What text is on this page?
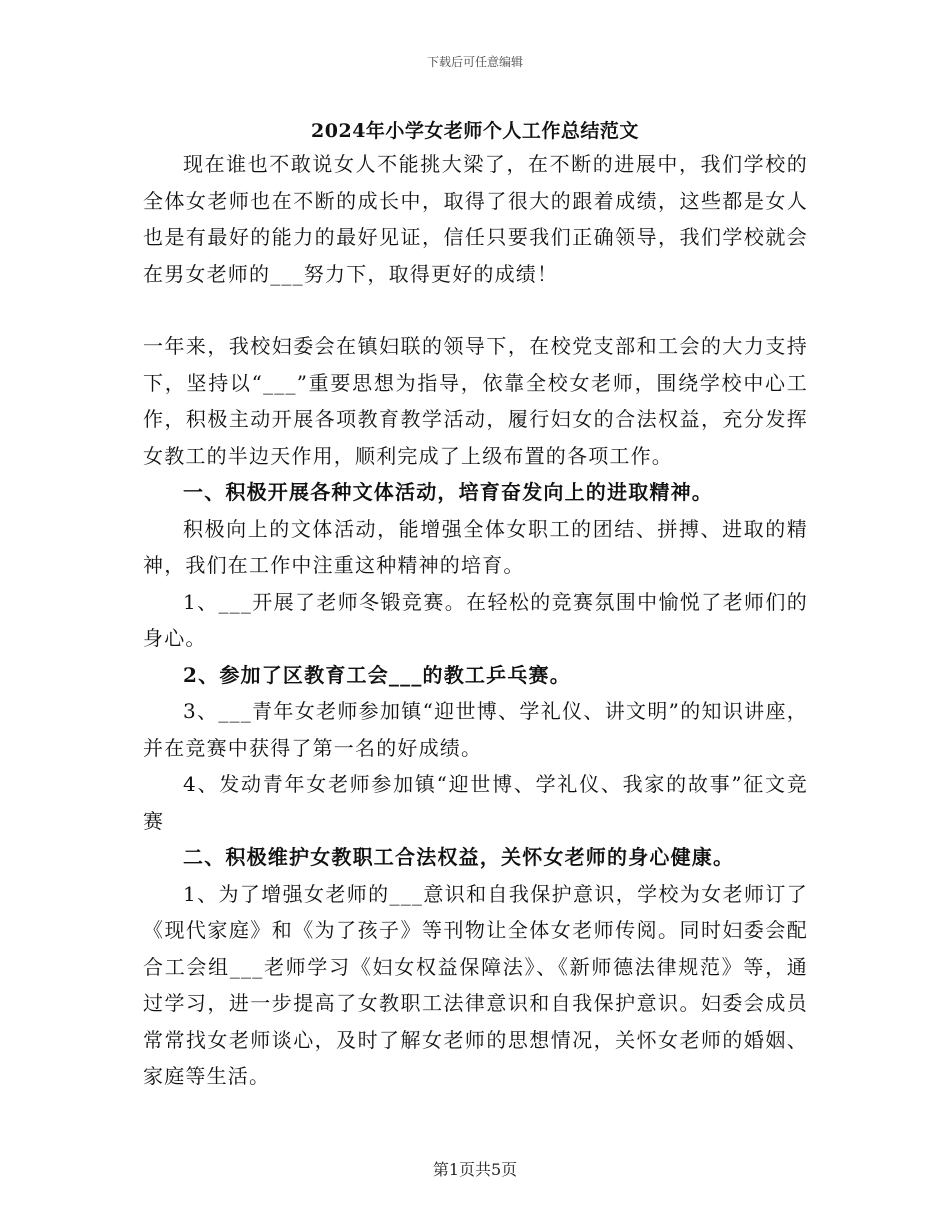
下载后可任意编辑
2024年小学女老师个人工作总结范文

现在谁也不敢说女人不能挑大梁了，在不断的进展中，我们学校的全体女老师也在不断的成长中，取得了很大的跟着成绩，这些都是女人也是有最好的能力的最好见证，信任只要我们正确领导，我们学校就会在男女老师的___努力下，取得更好的成绩！

一年来，我校妇委会在镇妇联的领导下，在校党支部和工会的大力支持下，坚持以“___”重要思想为指导，依靠全校女老师，围绕学校中心工作，积极主动开展各项教育教学活动，履行妇女的合法权益，充分发挥女教工的半边天作用，顺利完成了上级布置的各项工作。

一、积极开展各种文体活动，培育奋发向上的进取精神。

积极向上的文体活动，能增强全体女职工的团结、拼搏、进取的精神，我们在工作中注重这种精神的培育。

1、___开展了老师冬锻竞赛。在轻松的竞赛氛围中愉悦了老师们的身心。

2、参加了区教育工会___的教工乒乓赛。

3、___青年女老师参加镇“迎世博、学礼仪、讲文明”的知识讲座，并在竞赛中获得了第一名的好成绩。

4、发动青年女老师参加镇“迎世博、学礼仪、我家的故事”征文竞赛

二、积极维护女教职工合法权益，关怀女老师的身心健康。

1、为了增强女老师的___意识和自我保护意识，学校为女老师订了《现代家庭》和《为了孩子》等刊物让全体女老师传阅。同时妇委会配合工会组___老师学习《妇女权益保障法》、《新师德法律规范》等，通过学习，进一步提高了女教职工法律意识和自我保护意识。妇委会成员常常找女老师谈心，及时了解女老师的思想情况，关怀女老师的婚姻、家庭等生活。

第1页共5页
